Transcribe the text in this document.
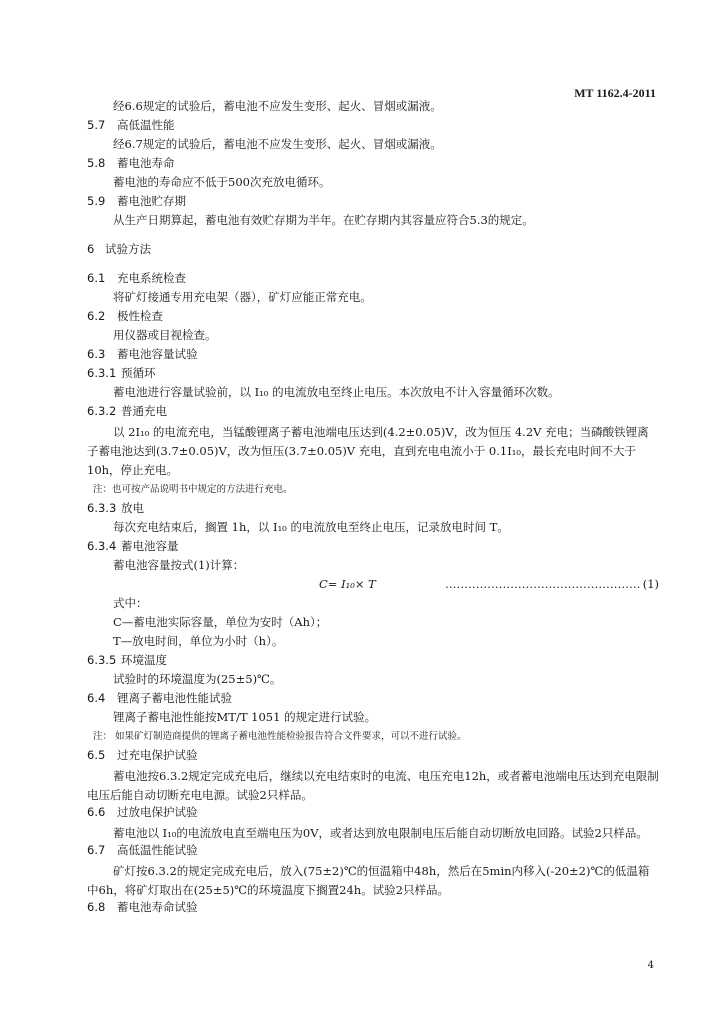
MT 1162.4-2011
经6.6规定的试验后，蓄电池不应发生变形、起火、冒烟或漏液。
5.7 高低温性能
经6.7规定的试验后，蓄电池不应发生变形、起火、冒烟或漏液。
5.8 蓄电池寿命
蓄电池的寿命应不低于500次充放电循环。
5.9 蓄电池贮存期
从生产日期算起，蓄电池有效贮存期为半年。在贮存期内其容量应符合5.3的规定。
6 试验方法
6.1 充电系统检查
将矿灯接通专用充电架（器），矿灯应能正常充电。
6.2 极性检查
用仪器或目视检查。
6.3 蓄电池容量试验
6.3.1 预循环
蓄电池进行容量试验前，以 I₁₀ 的电流放电至终止电压。本次放电不计入容量循环次数。
6.3.2 普通充电
以 2I₁₀ 的电流充电，当锰酸锂离子蓄电池端电压达到(4.2±0.05)V，改为恒压 4.2V 充电；当磷酸铁锂离子蓄电池达到(3.7±0.05)V，改为恒压(3.7±0.05)V 充电，直到充电电流小于 0.1I₁₀，最长充电时间不大于 10h，停止充电。
注：也可按产品说明书中规定的方法进行充电。
6.3.3 放电
每次充电结束后，搁置 1h，以 I₁₀ 的电流放电至终止电压，记录放电时间 T。
6.3.4 蓄电池容量
蓄电池容量按式(1)计算：
C= I₁₀× T	…………………………………………… (1)
式中：
C—蓄电池实际容量，单位为安时（Ah）；
T—放电时间，单位为小时（h）。
6.3.5 环境温度
试验时的环境温度为(25±5)℃。
6.4 锂离子蓄电池性能试验
锂离子蓄电池性能按MT/T 1051 的规定进行试验。
注： 如果矿灯制造商提供的锂离子蓄电池性能检验报告符合文件要求，可以不进行试验。
6.5 过充电保护试验
蓄电池按6.3.2规定完成充电后，继续以充电结束时的电流、电压充电12h，或者蓄电池端电压达到充电限制电压后能自动切断充电电源。试验2只样品。
6.6 过放电保护试验
蓄电池以 I₁₀的电流放电直至端电压为0V，或者达到放电限制电压后能自动切断放电回路。试验2只样品。
6.7 高低温性能试验
矿灯按6.3.2的规定完成充电后，放入(75±2)℃的恒温箱中48h，然后在5min内移入(-20±2)℃的低温箱中6h，将矿灯取出在(25±5)℃的环境温度下搁置24h。试验2只样品。
6.8 蓄电池寿命试验
4
